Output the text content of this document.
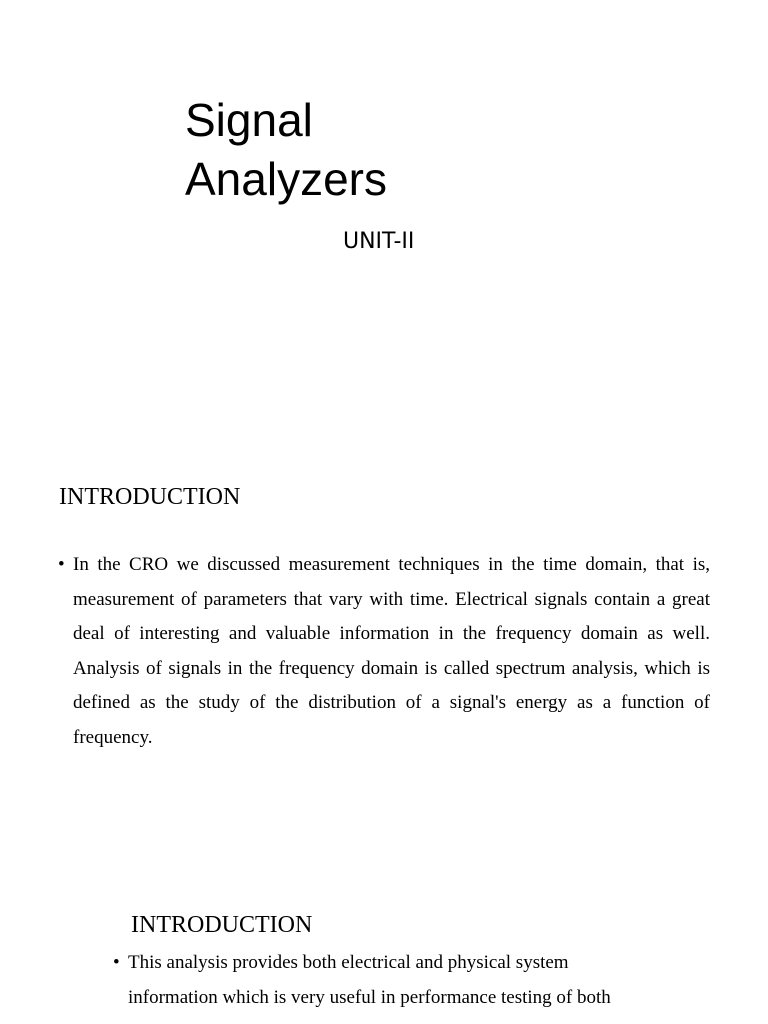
Signal
Analyzers
UNIT-II
INTRODUCTION
• In the CRO we discussed measurement techniques in the time domain, that is, measurement of parameters that vary with time. Electrical signals contain a great deal of interesting and valuable information in the frequency domain as well. Analysis of signals in the frequency domain is called spectrum analysis, which is defined as the study of the distribution of a signal's energy as a function of frequency.
INTRODUCTION
• This analysis provides both electrical and physical system information which is very useful in performance testing of both
